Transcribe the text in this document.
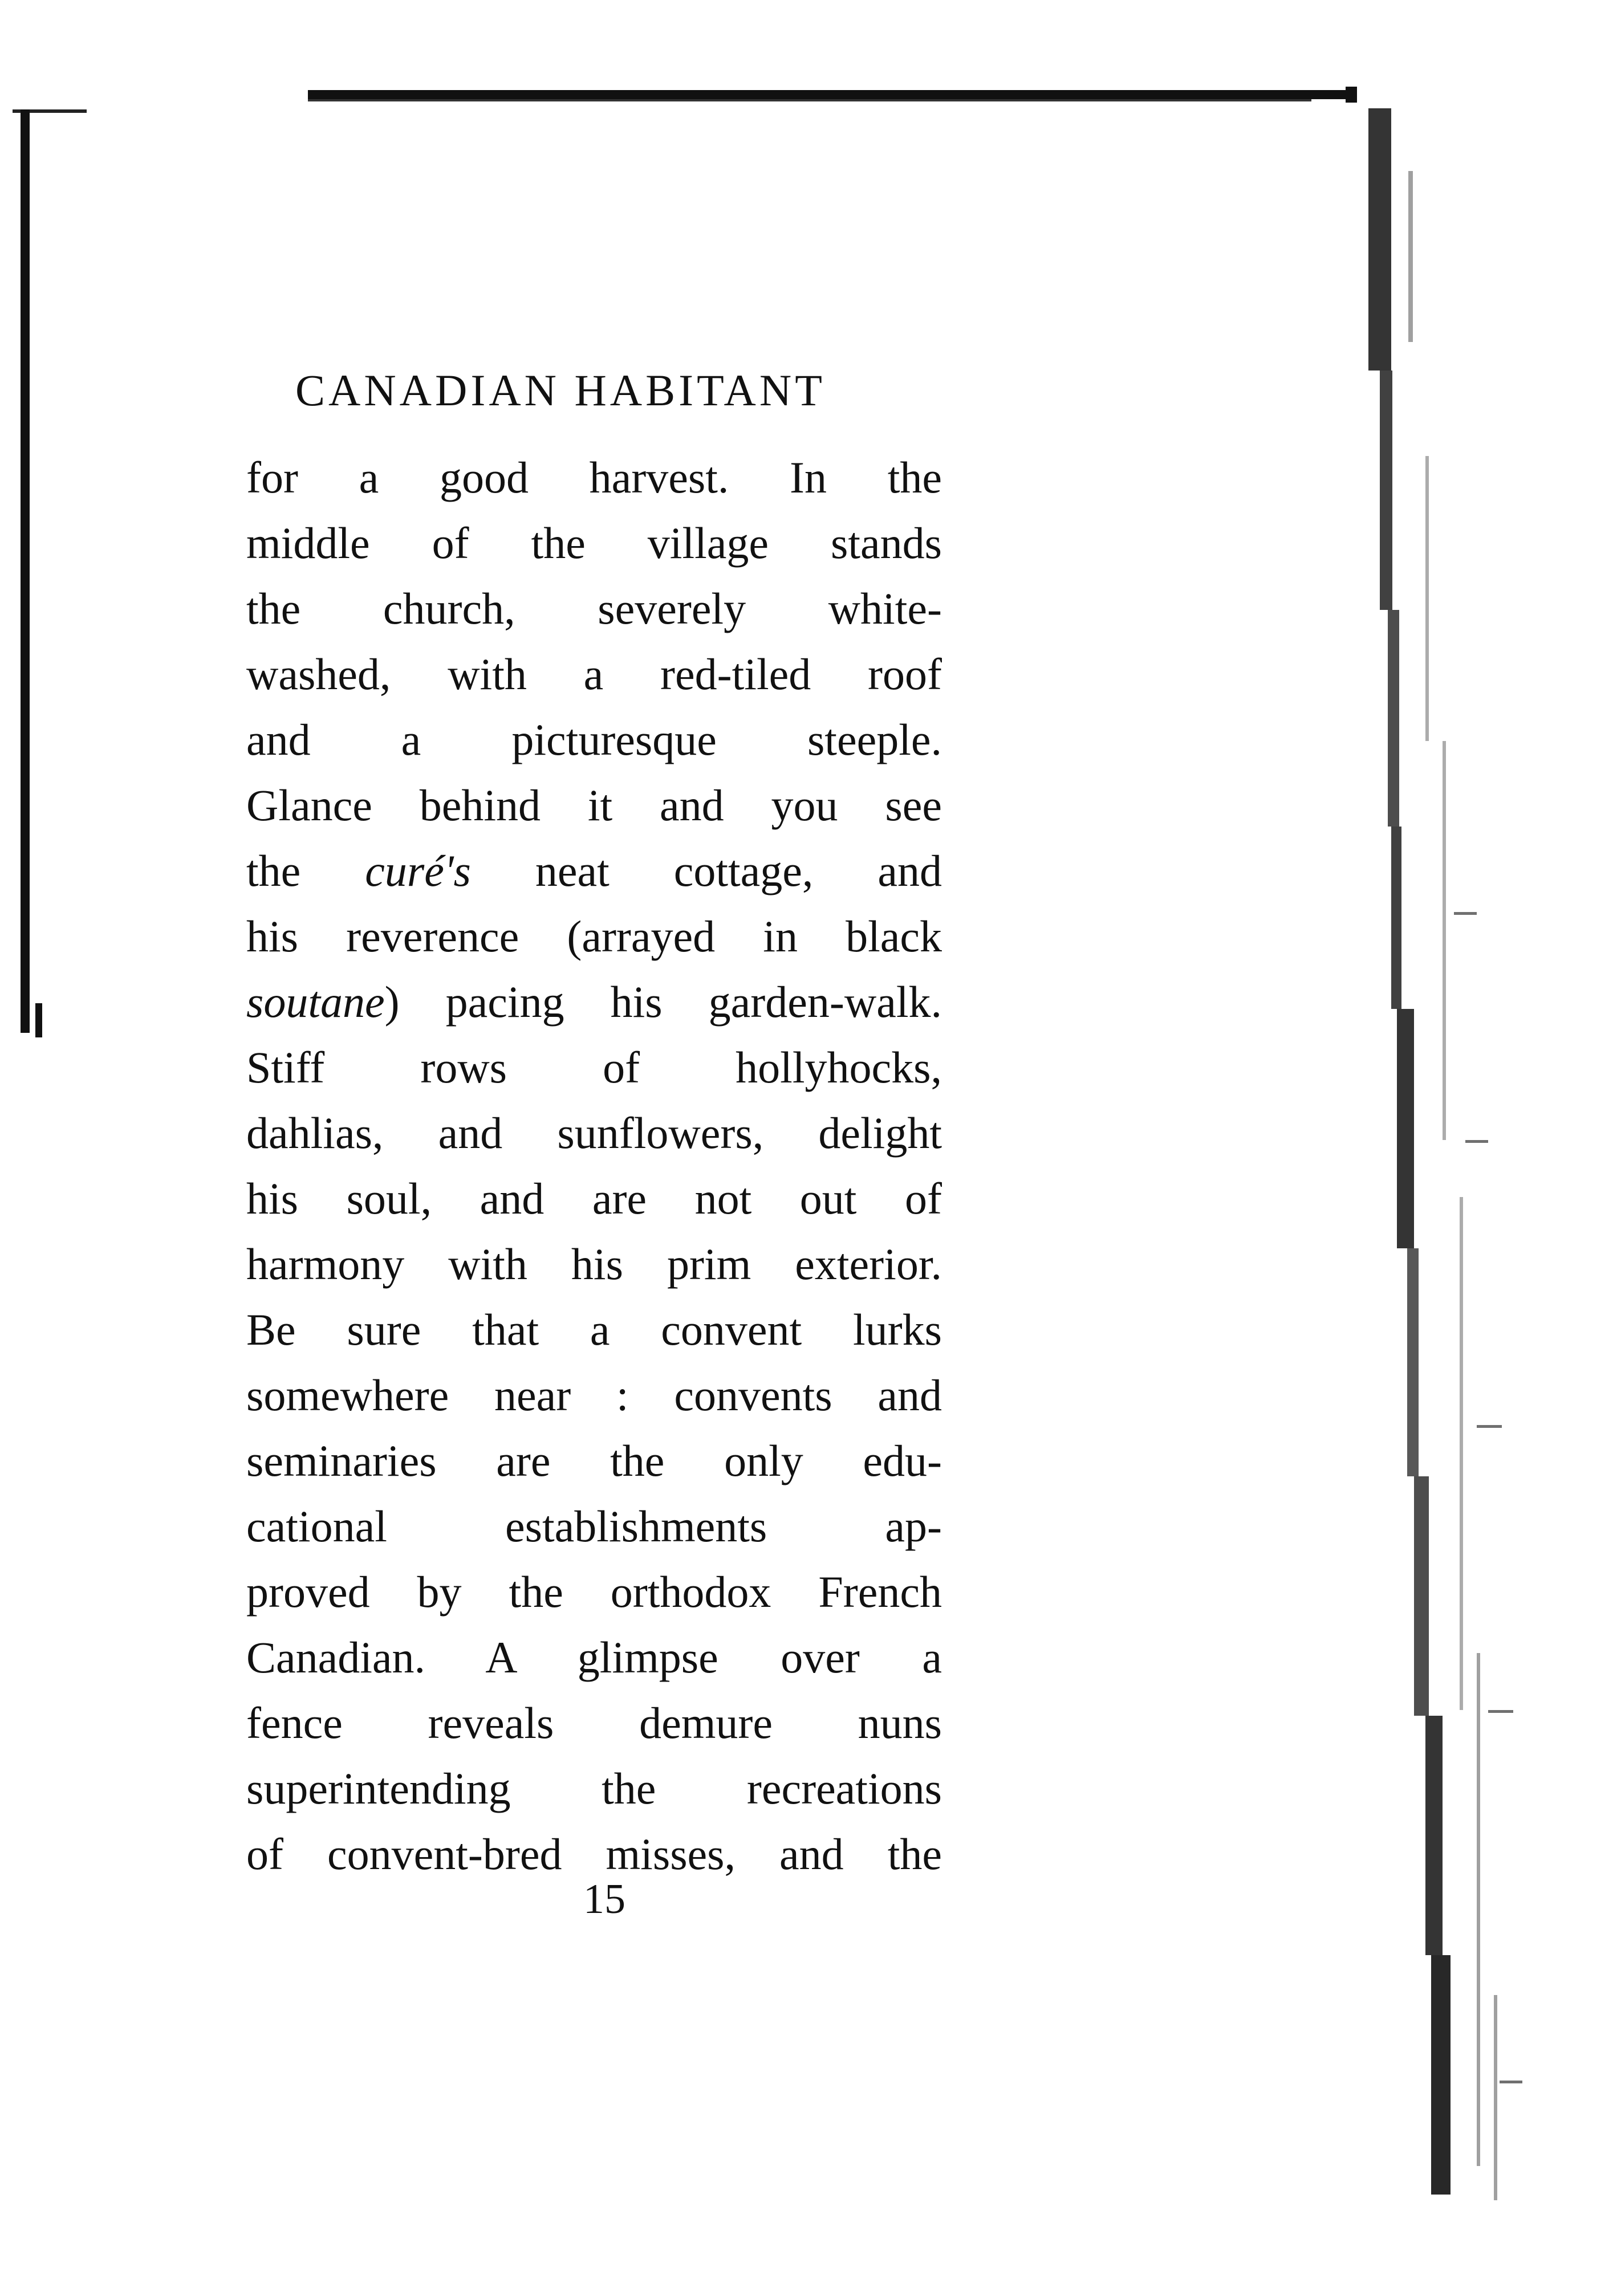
CANADIAN HABITANT
for a good harvest. In the
middle of the village stands
the church, severely white-
washed, with a red-tiled roof
and a picturesque steeple.
Glance behind it and you see
the curé's neat cottage, and
his reverence (arrayed in black
soutane) pacing his garden-walk.
Stiff rows of hollyhocks,
dahlias, and sunflowers, delight
his soul, and are not out of
harmony with his prim exterior.
Be sure that a convent lurks
somewhere near : convents and
seminaries are the only edu-
cational establishments ap-
proved by the orthodox French
Canadian. A glimpse over a
fence reveals demure nuns
superintending the recreations
of convent-bred misses, and the
15
